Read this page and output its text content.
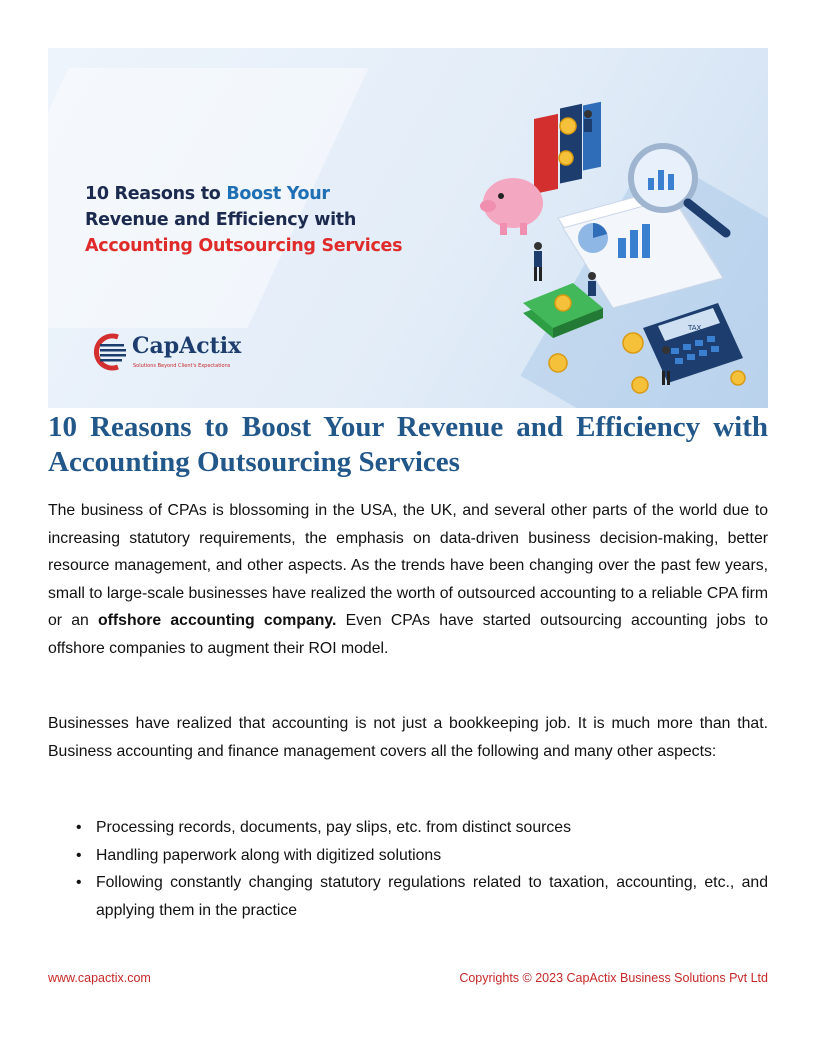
10 Reasons to Boost Your
Revenue and Efficiency with
Accounting Outsourcing Services
CapActix
Solutions Beyond Client's Expectations
TAX
10 Reasons to Boost Your Revenue and Efficiency with
Accounting Outsourcing Services

The business of CPAs is blossoming in the USA, the UK, and several other parts of the world due to increasing statutory requirements, the emphasis on data-driven business decision-making, better resource management, and other aspects. As the trends have been changing over the past few years, small to large-scale businesses have realized the worth of outsourced accounting to a reliable CPA firm or an offshore accounting company. Even CPAs have started outsourcing accounting jobs to offshore companies to augment their ROI model.

Businesses have realized that accounting is not just a bookkeeping job. It is much more than that. Business accounting and finance management covers all the following and many other aspects:

• Processing records, documents, pay slips, etc. from distinct sources
• Handling paperwork along with digitized solutions
• Following constantly changing statutory regulations related to taxation, accounting, etc., and applying them in the practice
www.capactix.com	Copyrights © 2023 CapActix Business Solutions Pvt Ltd
